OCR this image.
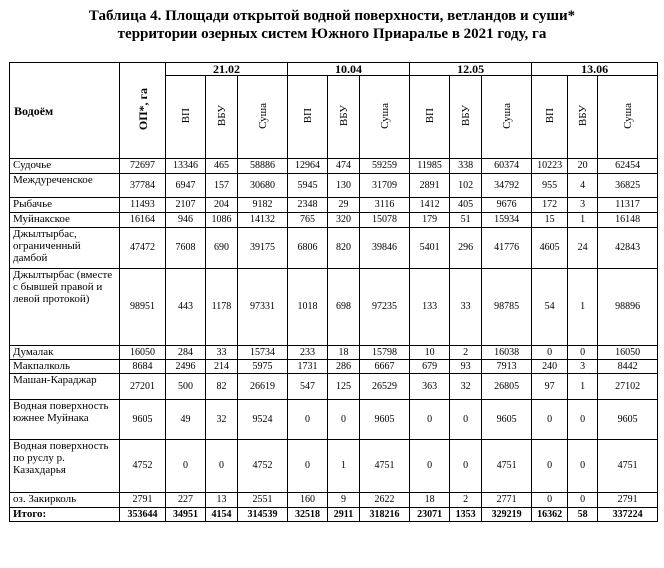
Таблица 4. Площади открытой водной поверхности, ветландов и суши*
территории озерных систем Южного Приаралье в 2021 году, га
Водоём	ОП*, га	21.02			10.04			12.05			13.06		
		ВП	ВБУ	Суша	ВП	ВБУ	Суша	ВП	ВБУ	Суша	ВП	ВБУ	Суша
Судочье	72697	13346	465	58886	12964	474	59259	11985	338	60374	10223	20	62454
Междуреченское	37784	6947	157	30680	5945	130	31709	2891	102	34792	955	4	36825
Рыбачье	11493	2107	204	9182	2348	29	3116	1412	405	9676	172	3	11317
Муйнакское	16164	946	1086	14132	765	320	15078	179	51	15934	15	1	16148
Джылтырбас, ограниченный дамбой	47472	7608	690	39175	6806	820	39846	5401	296	41776	4605	24	42843
Джылтырбас (вместе с бывшей правой и левой протокой)	98951	443	1178	97331	1018	698	97235	133	33	98785	54	1	98896
Думалак	16050	284	33	15734	233	18	15798	10	2	16038	0	0	16050
Макпалколь	8684	2496	214	5975	1731	286	6667	679	93	7913	240	3	8442
Машан-Караджар	27201	500	82	26619	547	125	26529	363	32	26805	97	1	27102
Водная поверхность южнее Муйнака	9605	49	32	9524	0	0	9605	0	0	9605	0	0	9605
Водная поверхность по руслу р. Казахдарья	4752	0	0	4752	0	1	4751	0	0	4751	0	0	4751
оз. Закирколь	2791	227	13	2551	160	9	2622	18	2	2771	0	0	2791
Итого:	353644	34951	4154	314539	32518	2911	318216	23071	1353	329219	16362	58	337224
